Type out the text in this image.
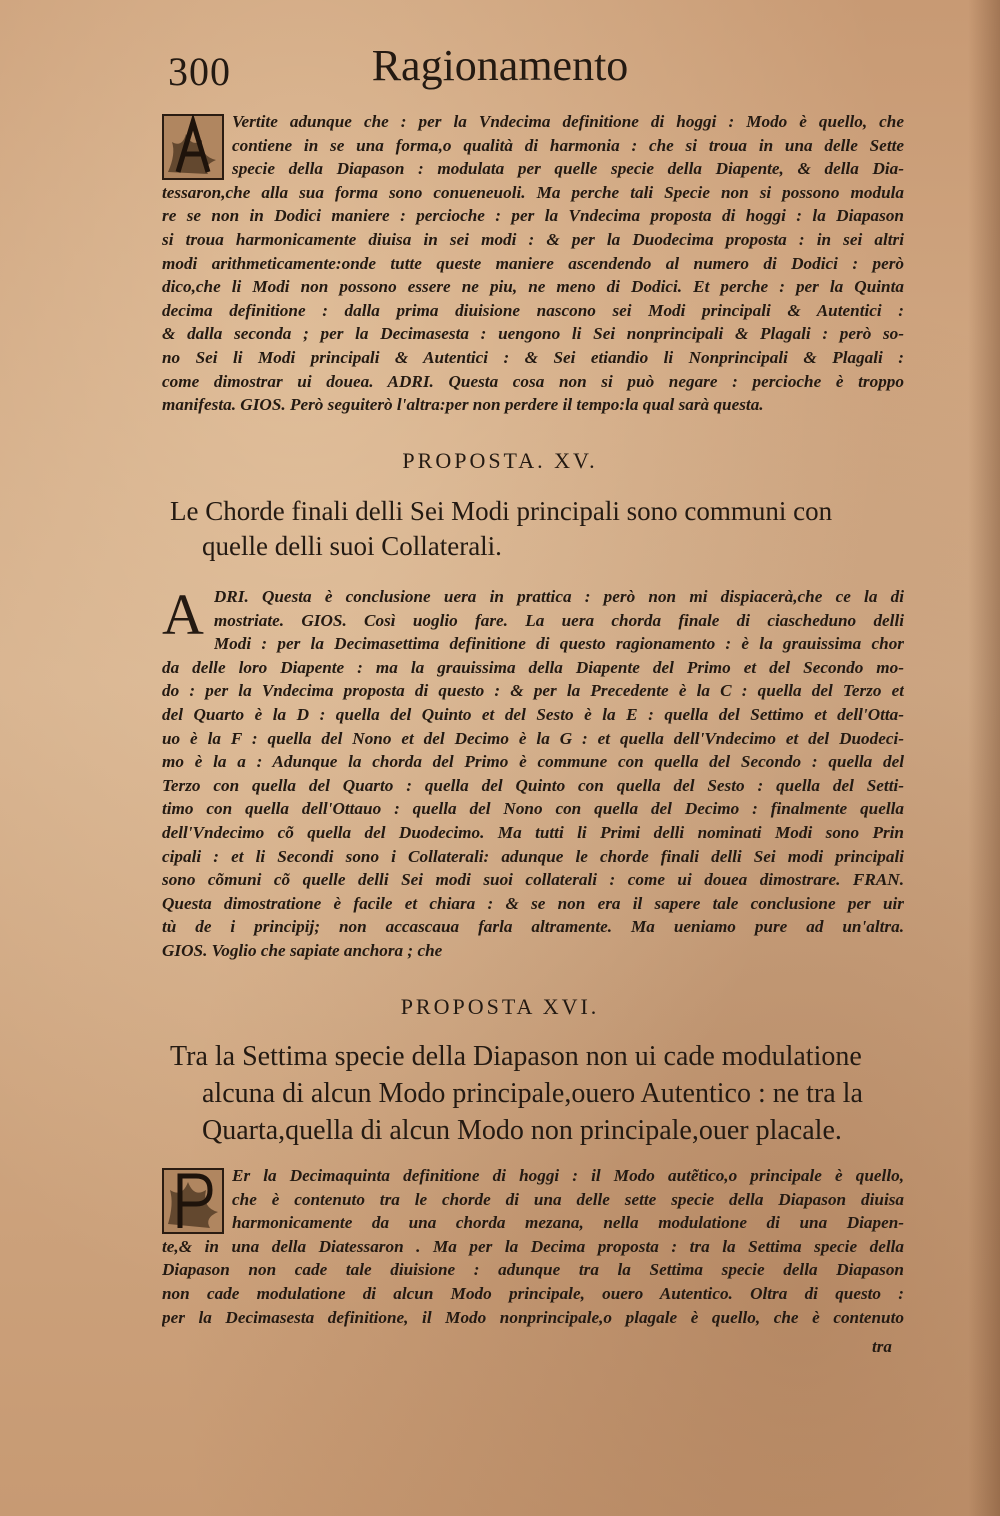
300	Ragionamento
Vertite adunque che : per la Vndecima definitione di hoggi : Modo è quello, che
contiene in se una forma,o qualità di harmonia : che si troua in una delle Sette
specie della Diapason : modulata per quelle specie della Diapente, & della Dia-
tessaron,che alla sua forma sono conueneuoli. Ma perche tali Specie non si possono modula
re se non in Dodici maniere : percioche : per la Vndecima proposta di hoggi : la Diapason
si troua harmonicamente diuisa in sei modi : & per la Duodecima proposta : in sei altri
modi arithmeticamente:onde tutte queste maniere ascendendo al numero di Dodici : però
dico,che li Modi non possono essere ne piu, ne meno di Dodici. Et perche : per la Quinta
decima definitione : dalla prima diuisione nascono sei Modi principali & Autentici :
& dalla seconda ; per la Decimasesta : uengono li Sei nonprincipali & Plagali : però so-
no Sei li Modi principali & Autentici : & Sei etiandio li Nonprincipali & Plagali :
come dimostrar ui douea. ADRI. Questa cosa non si può negare : percioche è troppo
manifesta. GIOS. Però seguiterò l'altra:per non perdere il tempo:la qual sarà questa.
PROPOSTA. XV.
Le Chorde finali delli Sei Modi principali sono communi con
quelle delli suoi Collaterali.
A DRI. Questa è conclusione uera in prattica : però non mi dispiacerà,che ce la di
mostriate. GIOS. Così uoglio fare. La uera chorda finale di ciascheduno delli
Modi : per la Decimasettima definitione di questo ragionamento : è la grauissima chor
da delle loro Diapente : ma la grauissima della Diapente del Primo et del Secondo mo-
do : per la Vndecima proposta di questo : & per la Precedente è la C : quella del Terzo et
del Quarto è la D : quella del Quinto et del Sesto è la E : quella del Settimo et dell'Otta-
uo è la F : quella del Nono et del Decimo è la G : et quella dell'Vndecimo et del Duodeci-
mo è la a : Adunque la chorda del Primo è commune con quella del Secondo : quella del
Terzo con quella del Quarto : quella del Quinto con quella del Sesto : quella del Setti-
timo con quella dell'Ottauo : quella del Nono con quella del Decimo : finalmente quella
dell'Vndecimo cõ quella del Duodecimo. Ma tutti li Primi delli nominati Modi sono Prin
cipali : et li Secondi sono i Collaterali: adunque le chorde finali delli Sei modi principali
sono cõmuni cõ quelle delli Sei modi suoi collaterali : come ui douea dimostrare. FRAN.
Questa dimostratione è facile et chiara : & se non era il sapere tale conclusione per uir
tù de i principij; non accascaua farla altramente. Ma ueniamo pure ad un'altra.
GIOS. Voglio che sapiate anchora ; che
PROPOSTA XVI.
Tra la Settima specie della Diapason non ui cade modulatione
alcuna di alcun Modo principale,ouero Autentico : ne tra la
Quarta,quella di alcun Modo non principale,ouer placale.
Er la Decimaquinta definitione di hoggi : il Modo autẽtico,o principale è quello,
che è contenuto tra le chorde di una delle sette specie della Diapason diuisa
harmonicamente da una chorda mezana, nella modulatione di una Diapen-
te,& in una della Diatessaron . Ma per la Decima proposta : tra la Settima specie della
Diapason non cade tale diuisione : adunque tra la Settima specie della Diapason
non cade modulatione di alcun Modo principale, ouero Autentico. Oltra di questo :
per la Decimasesta definitione, il Modo nonprincipale,o plagale è quello, che è contenuto
tra
